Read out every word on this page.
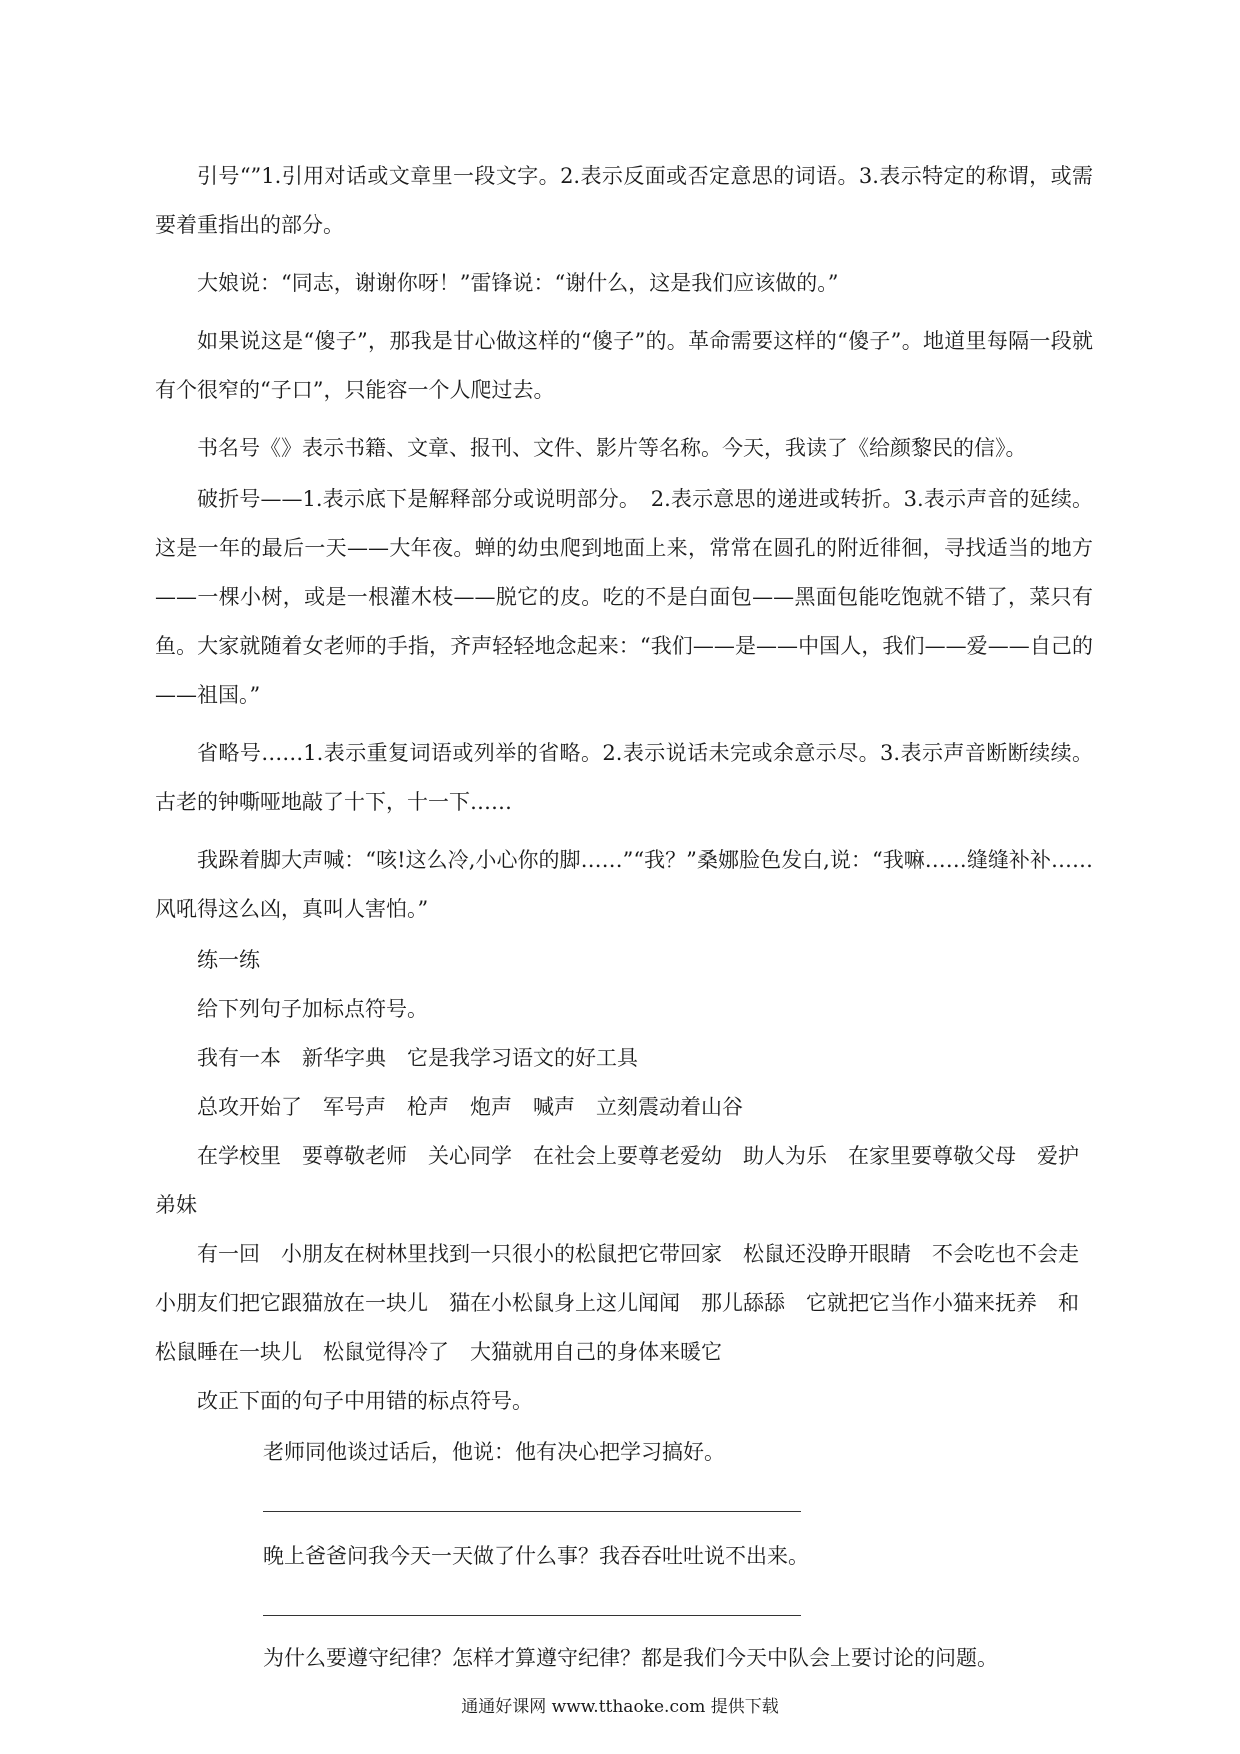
引号“”1.引用对话或文章里一段文字。2.表示反面或否定意思的词语。3.表示特定的称谓，或需要着重指出的部分。

大娘说：“同志，谢谢你呀！”雷锋说：“谢什么，这是我们应该做的。”

如果说这是“傻子”，那我是甘心做这样的“傻子”的。革命需要这样的“傻子”。地道里每隔一段就有个很窄的“子口”，只能容一个人爬过去。

书名号《》表示书籍、文章、报刊、文件、影片等名称。今天，我读了《给颜黎民的信》。

破折号——1.表示底下是解释部分或说明部分。　2.表示意思的递进或转折。3.表示声音的延续。这是一年的最后一天——大年夜。蝉的幼虫爬到地面上来，常常在圆孔的附近徘徊，寻找适当的地方——一棵小树，或是一根灌木枝——脱它的皮。吃的不是白面包——黑面包能吃饱就不错了，菜只有鱼。大家就随着女老师的手指，齐声轻轻地念起来：“我们——是——中国人，我们——爱——自己的——祖国。”

省略号……1.表示重复词语或列举的省略。2.表示说话未完或余意示尽。3.表示声音断断续续。古老的钟嘶哑地敲了十下，十一下……

我跺着脚大声喊：“咳!这么冷,小心你的脚……”“我？”桑娜脸色发白,说：“我嘛……缝缝补补……风吼得这么凶，真叫人害怕。”

练一练

给下列句子加标点符号。

我有一本　新华字典　它是我学习语文的好工具

总攻开始了　军号声　枪声　炮声　喊声　立刻震动着山谷

在学校里　要尊敬老师　关心同学　在社会上要尊老爱幼　助人为乐　在家里要尊敬父母　爱护弟妹

有一回　小朋友在树林里找到一只很小的松鼠把它带回家　松鼠还没睁开眼睛　不会吃也不会走　小朋友们把它跟猫放在一块儿　猫在小松鼠身上这儿闻闻　那儿舔舔　它就把它当作小猫来抚养　和松鼠睡在一块儿　松鼠觉得冷了　大猫就用自己的身体来暖它

改正下面的句子中用错的标点符号。

老师同他谈过话后，他说：他有决心把学习搞好。

晚上爸爸问我今天一天做了什么事？我吞吞吐吐说不出来。

为什么要遵守纪律？怎样才算遵守纪律？都是我们今天中队会上要讨论的问题。

通通好课网 www.tthaoke.com 提供下载
